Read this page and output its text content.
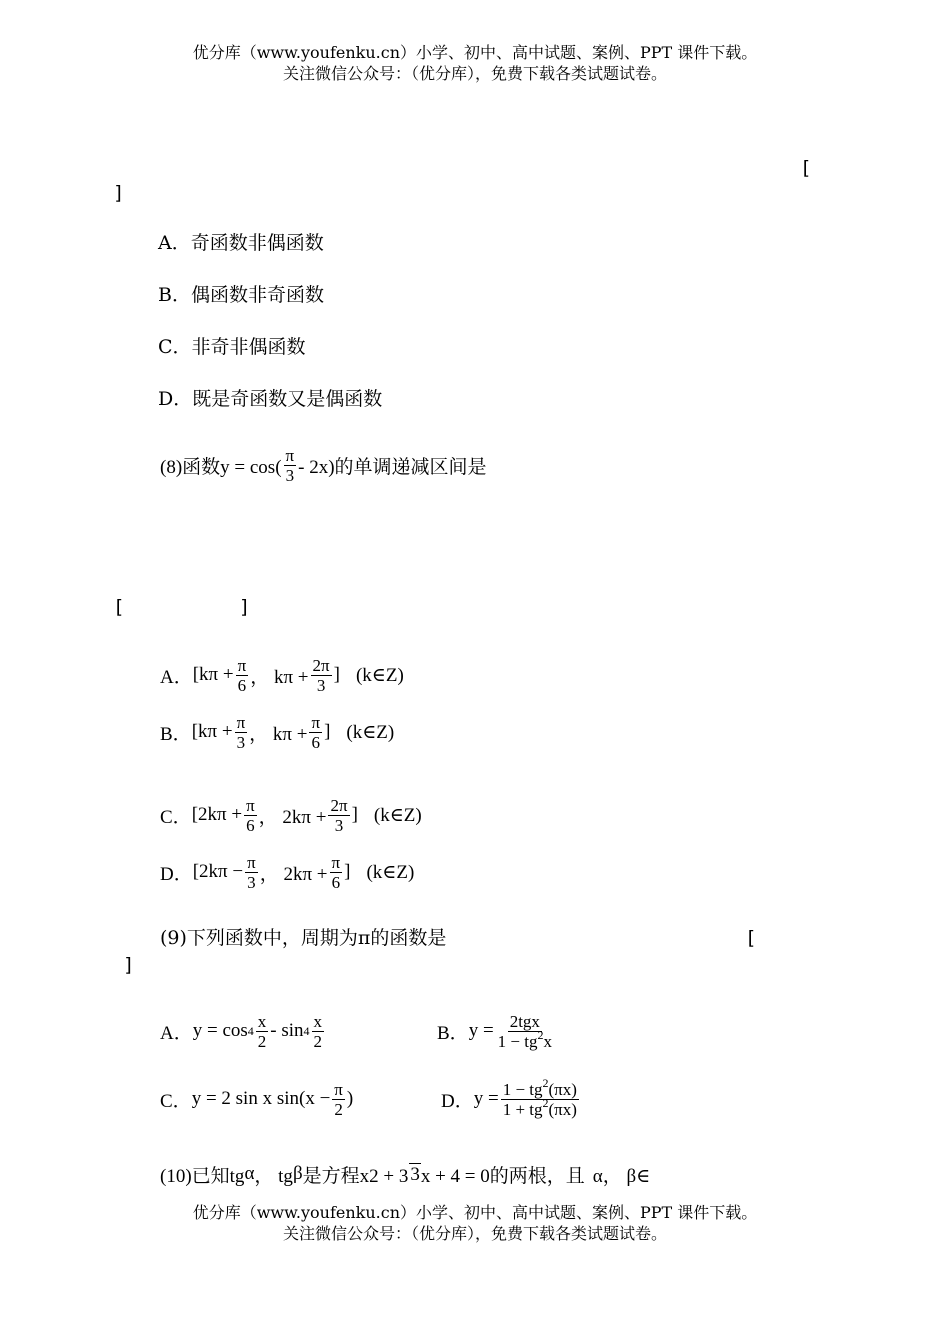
优分库（www.youfenku.cn）小学、初中、高中试题、案例、PPT 课件下载。
关注微信公众号：（优分库），免费下载各类试题试卷。
[
]
A．奇函数非偶函数
B．偶函数非奇函数
C．非奇非偶函数
D．既是奇函数又是偶函数
(8)函数$y = \cos( \frac{\pi}{3} - 2x)$的单调递减区间是
[          ]
A． [$k\pi + \frac{\pi}{6}$ ， $k\pi + \frac{2\pi}{3}$ ] (k∈Z)
B． [$k\pi + \frac{\pi}{3}$ ， $k\pi + \frac{\pi}{6}$ ] (k∈Z)
C． [$2k\pi + \frac{\pi}{6}$ ， $2k\pi + \frac{2\pi}{3}$ ] (k∈Z)
D． [$2k\pi - \frac{\pi}{3}$ ， $2k\pi + \frac{\pi}{6}$ ] (k∈Z)
(9)下列函数中，周期为π的函数是	[
]
A． $y = \cos 4 \frac{x}{2} - \sin 4 \frac{x}{2}$	B． $y = \frac{\text{2tgx}}{1 - tg^2x}$
C． y = 2 sin x $\sin(x - \frac{\pi}{2}$ )	D． $y = \frac{1 - tg^2(\pi x)}{1 + tg^2(\pi x)}$
(10)已知tg α ， tg β 是方程x2 + 3 3 x + 4 = 0的两根，且 α， β∈
优分库（www.youfenku.cn）小学、初中、高中试题、案例、PPT 课件下载。
关注微信公众号：（优分库），免费下载各类试题试卷。
